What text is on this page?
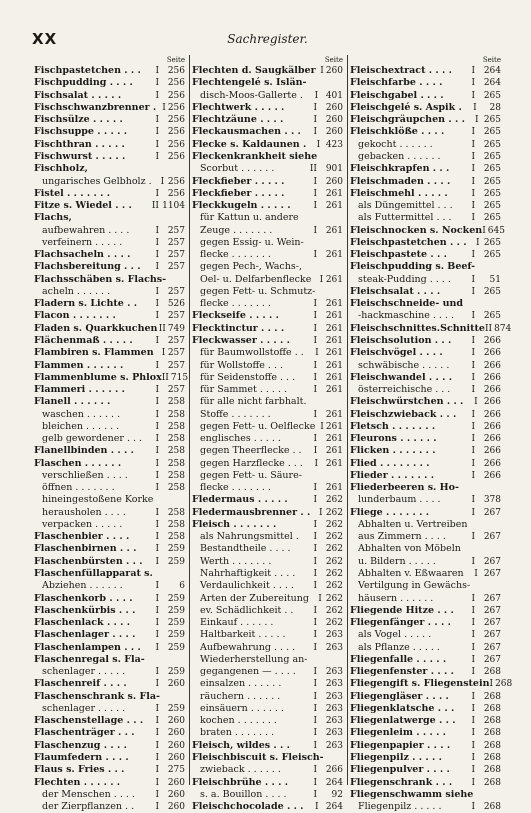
XX	Sachregister.
Seite
Fischpastetchen . . .	I 256
Fischpudding . . . .	I 256
Fischsalat . . . . .	I 256
Fischschwanzbrenner . I 256
Fischsülze . . . . .	I 256
Fischsuppe . . . . .	I 256
Fischthran . . . . .	I 256
Fischwurst . . . . .	I 256
Fischholz,
ungarisches Gelbholz . I 256
Fistel . . . . . . .	I 256
Fitze s. Wiedel . . .	II 1104
Flachs,
aufbewahren . . . .	I 257
verfeinern . . . . .	I 257
Flachsacheln . . . .	I 257
Flachsbereitung . . .	I 257
Flachsschäben s. Flachs-
acheln . . . . . .	I 257
Fladern s. Lichte . .	I 526
Flacon . . . . . . .	I 257
Fladen s. Quarkkuchen II 749
Flächenmaß . . . . .	I 257
Flambiren s. Flammen I 257
Flammen . . . . . .	I 257
Flammenblume s. Phlox II 715
Flammeri . . . . . .	I 257
Flanell . . . . . .	I 258
waschen . . . . . .	I 258
bleichen . . . . . .	I 258
gelb gewordener . . .	I 258
Flanellbinden . . . .	I 258
Flaschen . . . . . .	I 258
verschließen . . . .	I 258
öffnen . . . . . . .	I 258
hineingestoßene Korke
herausholen . . . .	I 258
verpacken . . . . .	I 258
Flaschenbier . . . .	I 258
Flaschenbirnen . . .	I 259
Flaschenbürsten . . .	I 259
Flaschenfüllapparat s.
Abziehen . . . . . .	I	6
Flaschenkorb . . . .	I 259
Flaschenkürbis . . .	I 259
Flaschenlack . . . .	I 259
Flaschenlager . . . .	I 259
Flaschenlampen . . .	I 259
Flaschenregal s. Fla-
schenlager . . . . .	I 259
Flaschenreif . . . .	I 260
Flaschenschrank s. Fla-
schenlager . . . . .	I 259
Flaschenstellage . . .	I 260
Flaschenträger . . .	I 260
Flaschenzug . . . .	I 260
Flaumfedern . . . .	I 260
Flaus s. Fries . . .	I 275
Flechten . . . . . .	I 260
der Menschen . . . .	I 260
der Zierpflanzen . .	I 260
Seite
Flechten d. Saugkälber I 260
Flechtengelé s. Islän-
disch-Moos-Gallerte .	I 401
Flechtwerk . . . . .	I 260
Flechtzäune . . . .	I 260
Fleckausmachen . . .	I 260
Flecke s. Kaldaunen .	I 423
Fleckenkrankheit siehe
Scorbut . . . . . .	II 901
Fleckfieber . . . . .	I 260
Fleckfieber . . . . .	I 261
Fleckkugeln . . . . .	I 261
für Kattun u. andere
Zeuge . . . . . . .	I 261
gegen Essig- u. Wein-
flecke . . . . . . .	I 261
gegen Pech-, Wachs-,
Oel- u. Delfarbenflecke I 261
gegen Fett- u. Schmutz-
flecke . . . . . . .	I 261
Fleckseife . . . . .	I 261
Flecktinctur . . . .	I 261
Fleckwasser . . . . .	I 261
für Baumwollstoffe . .	I 261
für Wollstoffe . . .	I 261
für Seidenstoffe . . .	I 261
für Sammet . . . . .	I 261
für alle nicht farbhalt.
Stoffe . . . . . . .	I 261
gegen Fett- u. Oelflecke I 261
englisches . . . . .	I 261
gegen Theerflecke . .	I 261
gegen Harzflecke . . .	I 261
gegen Fett- u. Säure-
flecke . . . . . . .	I 261
Fledermaus . . . . .	I 262
Fledermausbrenner . . I 262
Fleisch . . . . . . .	I 262
als Nahrungsmittel .	I 262
Bestandtheile . . . .	I 262
Werth . . . . . . .	I 262
Nahrhaftigkeit . . . .	I 262
Verdaulichkeit . . . .	I 262
Arten der Zubereitung	I 262
ev. Schädlichkeit . .	I 262
Einkauf . . . . . .	I 262
Haltbarkeit . . . . .	I 263
Aufbewahrung . . . .	I 263
Wiederherstellung an-
gegangenen — . . . .	I 263
einsalzen . . . . . .	I 263
räuchern . . . . . .	I 263
einsäuern . . . . . .	I 263
kochen . . . . . . .	I 263
braten . . . . . . .	I 263
Fleisch, wildes . . .	I 263
Fleischbiscuit s. Fleisch-
zwieback . . . . . .	I 266
Fleischbrühe . . . .	I 264
s. a. Bouillon . . . .	I	92
Fleischchocolade . . .	I 264
Seite
Fleischextract . . . .	I 264
Fleischfarbe . . . .	I 264
Fleischgabel . . . .	I 265
Fleischgelé s. Aspik .	I	28
Fleischgräupchen . . .	I 265
Fleischklöße . . . .	I 265
gekocht . . . . . .	I 265
gebacken . . . . . .	I 265
Fleischkrapfen . . .	I 265
Fleischmaden . . . .	I 265
Fleischmehl . . . . .	I 265
als Düngemittel . . .	I 265
als Futtermittel . . .	I 265
Fleischnocken s. Nocken I 645
Fleischpastetchen . . .	I 265
Fleischpastete . . .	I 265
Fleischpudding s. Beef-
steak-Pudding . . . .	I	51
Fleischsalat . . . .	I 265
Fleischschneide- und
-hackmaschine . . . .	I 265
Fleischschnittes.Schnitte II 874
Fleischsolution . . .	I 266
Fleischvögel . . . .	I 266
schwäbische . . . . .	I 266
Fleischwandel . . . .	I 266
österreichische . . .	I 266
Fleischwürstchen . . .	I 266
Fleischzwieback . . .	I 266
Fletsch . . . . . . .	I 266
Fleurons . . . . . .	I 266
Flicken . . . . . . .	I 266
Flied . . . . . . . .	I 266
Flieder . . . . . . .	I 266
Fliederbeeren s. Ho-
lunderbaum . . . .	I 378
Fliege . . . . . . .	I 267
Abhalten u. Vertreiben
aus Zimmern . . . .	I 267
Abhalten von Möbeln
u. Bildern . . . . .	I 267
Abhalten v. Eßwaaren	I 267
Vertilgung in Gewächs-
häusern . . . . . .	I 267
Fliegende Hitze . . .	I 267
Fliegenfänger . . . .	I 267
als Vogel . . . . .	I 267
als Pflanze . . . . .	I 267
Fliegenfalle . . . . .	I 267
Fliegenfenster . . . .	I 268
Fliegengift s. Fliegenstein I 268
Fliegengläser . . . .	I 268
Fliegenklatsche . . .	I 268
Fliegenlatwerge . . .	I 268
Fliegenleim . . . . .	I 268
Fliegenpapier . . . .	I 268
Fliegenpilz . . . . .	I 268
Fliegenpulver . . . .	I 268
Fliegenschrank . . .	I 268
Fliegenschwamm siehe
Fliegenpilz . . . . .	I 268
